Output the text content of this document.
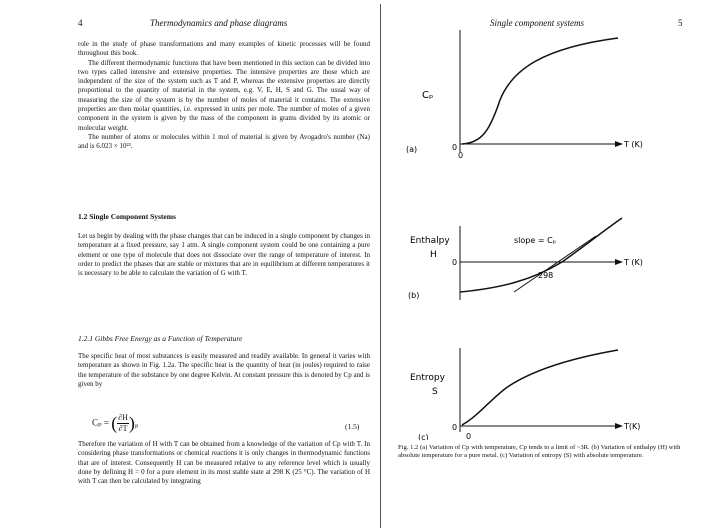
4	Thermodynamics and phase diagrams

role in the study of phase transformations and many examples of kinetic processes will be found throughout this book.

The different thermodynamic functions that have been mentioned in this section can be divided into two types called intensive and extensive properties. The intensive properties are those which are independent of the size of the system such as T and P, whereas the extensive properties are directly proportional to the quantity of material in the system, e.g. V, E, H, S and G. The usual way of measuring the size of the system is by the number of moles of material it contains. The extensive properties are then molar quantities, i.e. expressed in units per mole. The number of moles of a given component in the system is given by the mass of the component in grams divided by its atomic or molecular weight.

The number of atoms or molecules within 1 mol of material is given by Avogadro's number (Na) and is 6.023 × 10²³.

1.2 Single Component Systems

Let us begin by dealing with the phase changes that can be induced in a single component by changes in temperature at a fixed pressure, say 1 atm. A single component system could be one containing a pure element or one type of molecule that does not dissociate over the range of temperature of interest. In order to predict the phases that are stable or mixtures that are in equilibrium at different temperatures it is necessary to be able to calculate the variation of G with T.

1.2.1 Gibbs Free Energy as a Function of Temperature

The specific heat of most substances is easily measured and readily available. In general it varies with temperature as shown in Fig. 1.2a. The specific heat is the quantity of heat (in joules) required to raise the temperature of the substance by one degree Kelvin. At constant pressure this is denoted by Cp and is given by

Cₚ = ( $\frac{\partial H}{\partial T} )_P$	(1.5)

Therefore the variation of H with T can be obtained from a knowledge of the variation of Cp with T. In considering phase transformations or chemical reactions it is only changes in thermodynamic functions that are of interest. Consequently H can be measured relative to any reference level which is usually done by defining H = 0 for a pure element in its most stable state at 298 K (25 °C). The variation of H with T can then be calculated by integrating

Single component systems	5
Cₚ
0
0
T (K)
(a)
Enthalpy
H
0	T (K)
slope = Cₚ
298
(b)
Entropy
S
0
0
T(K)
(c)
Fig. 1.2 (a) Variation of Cp with temperature, Cp tends to a limit of ~3R. (b) Variation of enthalpy (H) with absolute temperature for a pure metal. (c) Variation of entropy (S) with absolute temperature.
